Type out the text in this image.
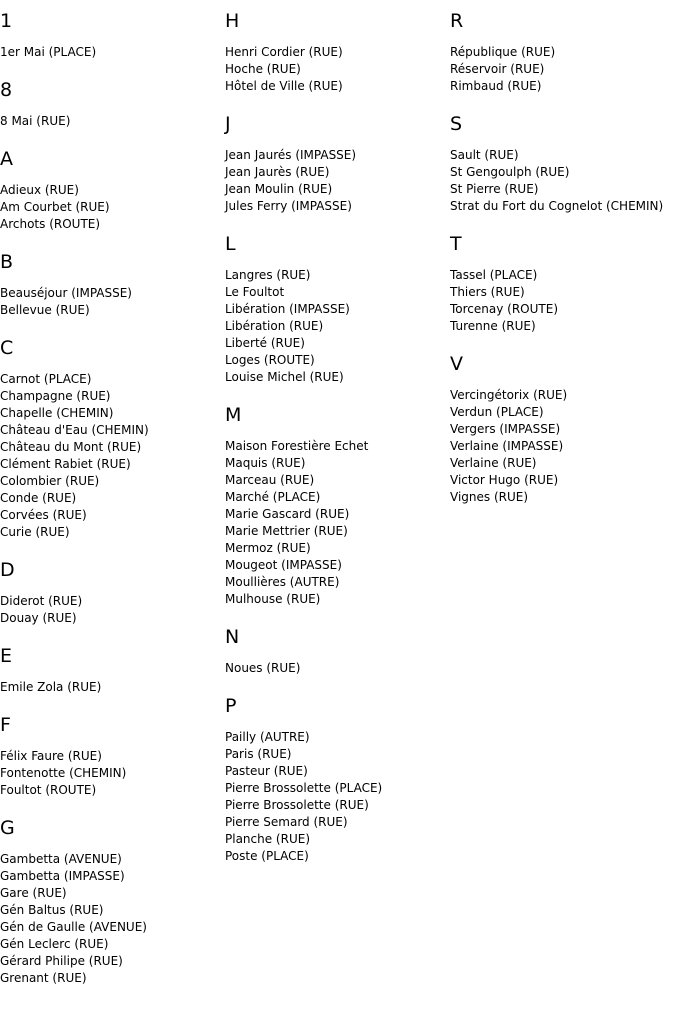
1
1er Mai (PLACE)
8
8 Mai (RUE)
A
Adieux (RUE)
Am Courbet (RUE)
Archots (ROUTE)
B
Beauséjour (IMPASSE)
Bellevue (RUE)
C
Carnot (PLACE)
Champagne (RUE)
Chapelle (CHEMIN)
Château d'Eau (CHEMIN)
Château du Mont (RUE)
Clément Rabiet (RUE)
Colombier (RUE)
Conde (RUE)
Corvées (RUE)
Curie (RUE)
D
Diderot (RUE)
Douay (RUE)
E
Emile Zola (RUE)
F
Félix Faure (RUE)
Fontenotte (CHEMIN)
Foultot (ROUTE)
G
Gambetta (AVENUE)
Gambetta (IMPASSE)
Gare (RUE)
Gén Baltus (RUE)
Gén de Gaulle (AVENUE)
Gén Leclerc (RUE)
Gérard Philipe (RUE)
Grenant (RUE)
H
Henri Cordier (RUE)
Hoche (RUE)
Hôtel de Ville (RUE)
J
Jean Jaurés (IMPASSE)
Jean Jaurès (RUE)
Jean Moulin (RUE)
Jules Ferry (IMPASSE)
L
Langres (RUE)
Le Foultot
Libération (IMPASSE)
Libération (RUE)
Liberté (RUE)
Loges (ROUTE)
Louise Michel (RUE)
M
Maison Forestière Echet
Maquis (RUE)
Marceau (RUE)
Marché (PLACE)
Marie Gascard (RUE)
Marie Mettrier (RUE)
Mermoz (RUE)
Mougeot (IMPASSE)
Moullières (AUTRE)
Mulhouse (RUE)
N
Noues (RUE)
P
Pailly (AUTRE)
Paris (RUE)
Pasteur (RUE)
Pierre Brossolette (PLACE)
Pierre Brossolette (RUE)
Pierre Semard (RUE)
Planche (RUE)
Poste (PLACE)
R
République (RUE)
Réservoir (RUE)
Rimbaud (RUE)
S
Sault (RUE)
St Gengoulph (RUE)
St Pierre (RUE)
Strat du Fort du Cognelot (CHEMIN)
T
Tassel (PLACE)
Thiers (RUE)
Torcenay (ROUTE)
Turenne (RUE)
V
Vercingétorix (RUE)
Verdun (PLACE)
Vergers (IMPASSE)
Verlaine (IMPASSE)
Verlaine (RUE)
Victor Hugo (RUE)
Vignes (RUE)
